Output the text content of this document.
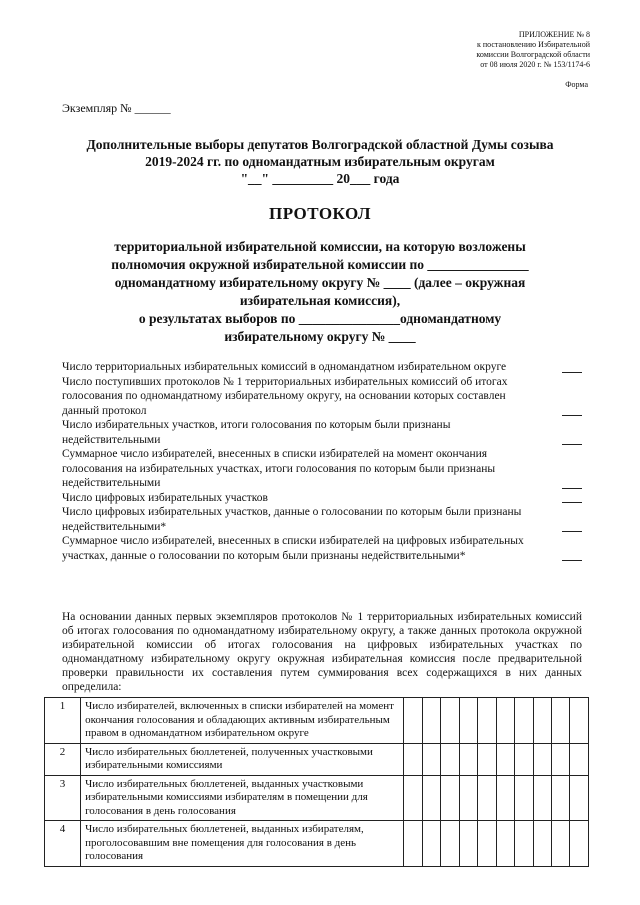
ПРИЛОЖЕНИЕ № 8
к постановлению Избирательной
комиссии Волгоградской области
от 08 июля 2020 г. № 153/1174-6
Форма
Экземпляр № ______
Дополнительные выборы депутатов Волгоградской областной Думы созыва
2019-2024 гг. по одномандатным избирательным округам
"__" _________ 20___ года
ПРОТОКОЛ
территориальной избирательной комиссии, на которую возложены
полномочия окружной избирательной комиссии по _______________
одномандатному избирательному округу № ____ (далее – окружная
избирательная комиссия),
о результатах выборов по _______________одномандатному
избирательному округу № ____
Число территориальных избирательных комиссий в одномандатном избирательном округе
Число поступивших протоколов № 1 территориальных избирательных комиссий об итогах голосования по одномандатному избирательному округу, на основании которых составлен данный протокол
Число избирательных участков, итоги голосования по которым были признаны недействительными
Суммарное число избирателей, внесенных в списки избирателей на момент окончания голосования на избирательных участках, итоги голосования по которым были признаны недействительными
Число цифровых избирательных участков
Число цифровых избирательных участков, данные о голосовании по которым были признаны недействительными*
Суммарное число избирателей, внесенных в списки избирателей на цифровых избирательных участках, данные о голосовании по которым были признаны недействительными*
На основании данных первых экземпляров протоколов № 1 территориальных избирательных комиссий об итогах голосования по одномандатному избирательному округу, а также данных протокола окружной избирательной комиссии об итогах голосования на цифровых избирательных участках по одномандатному избирательному округу окружная избирательная комиссия после предварительной проверки правильности их составления путем суммирования всех содержащихся в них данных определила:
1	Число избирателей, включенных в списки избирателей на момент окончания голосования и обладающих активным избирательным правом в одномандатном избирательном округе										
2	Число избирательных бюллетеней, полученных участковыми избирательными комиссиями										
3	Число избирательных бюллетеней, выданных участковыми избирательными комиссиями избирателям в помещении для голосования в день голосования										
4	Число избирательных бюллетеней, выданных избирателям, проголосовавшим вне помещения для голосования в день голосования										
